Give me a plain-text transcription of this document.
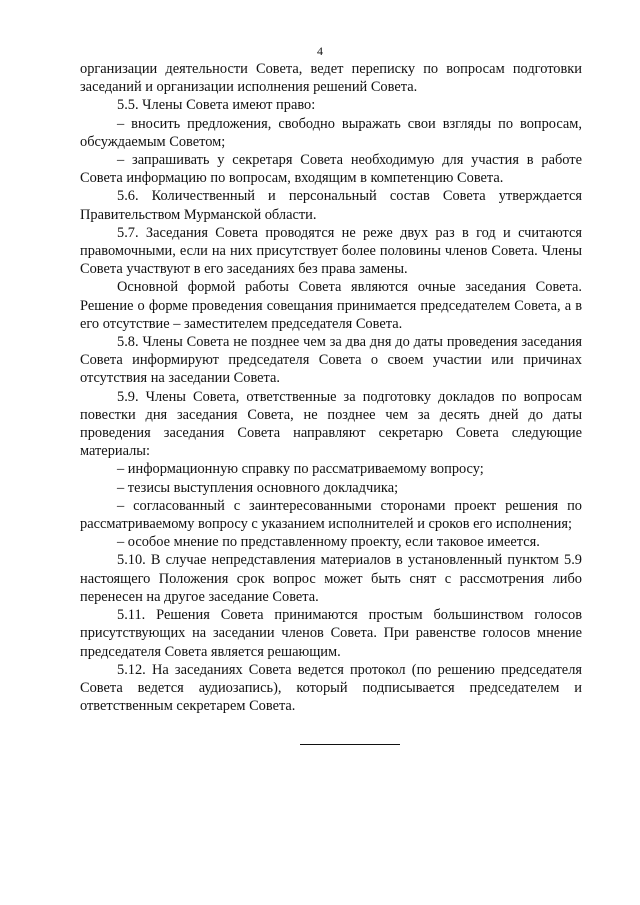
4

организации деятельности Совета, ведет переписку по вопросам подготовки заседаний и организации исполнения решений Совета.

5.5. Члены Совета имеют право:

– вносить предложения, свободно выражать свои взгляды по вопросам, обсуждаемым Советом;

– запрашивать у секретаря Совета необходимую для участия в работе Совета информацию по вопросам, входящим в компетенцию Совета.

5.6. Количественный и персональный состав Совета утверждается Правительством Мурманской области.

5.7. Заседания Совета проводятся не реже двух раз в год и считаются правомочными, если на них присутствует более половины членов Совета. Члены Совета участвуют в его заседаниях без права замены.

Основной формой работы Совета являются очные заседания Совета. Решение о форме проведения совещания принимается председателем Совета, а в его отсутствие – заместителем председателя Совета.

5.8. Члены Совета не позднее чем за два дня до даты проведения заседания Совета информируют председателя Совета о своем участии или причинах отсутствия на заседании Совета.

5.9. Члены Совета, ответственные за подготовку докладов по вопросам повестки дня заседания Совета, не позднее чем за десять дней до даты проведения заседания Совета направляют секретарю Совета следующие материалы:

– информационную справку по рассматриваемому вопросу;

– тезисы выступления основного докладчика;

– согласованный с заинтересованными сторонами проект решения по рассматриваемому вопросу с указанием исполнителей и сроков его исполнения;

– особое мнение по представленному проекту, если таковое имеется.

5.10. В случае непредставления материалов в установленный пунктом 5.9 настоящего Положения срок вопрос может быть снят с рассмотрения либо перенесен на другое заседание Совета.

5.11. Решения Совета принимаются простым большинством голосов присутствующих на заседании членов Совета. При равенстве голосов мнение председателя Совета является решающим.

5.12. На заседаниях Совета ведется протокол (по решению председателя Совета ведется аудиозапись), который подписывается председателем и ответственным секретарем Совета.
